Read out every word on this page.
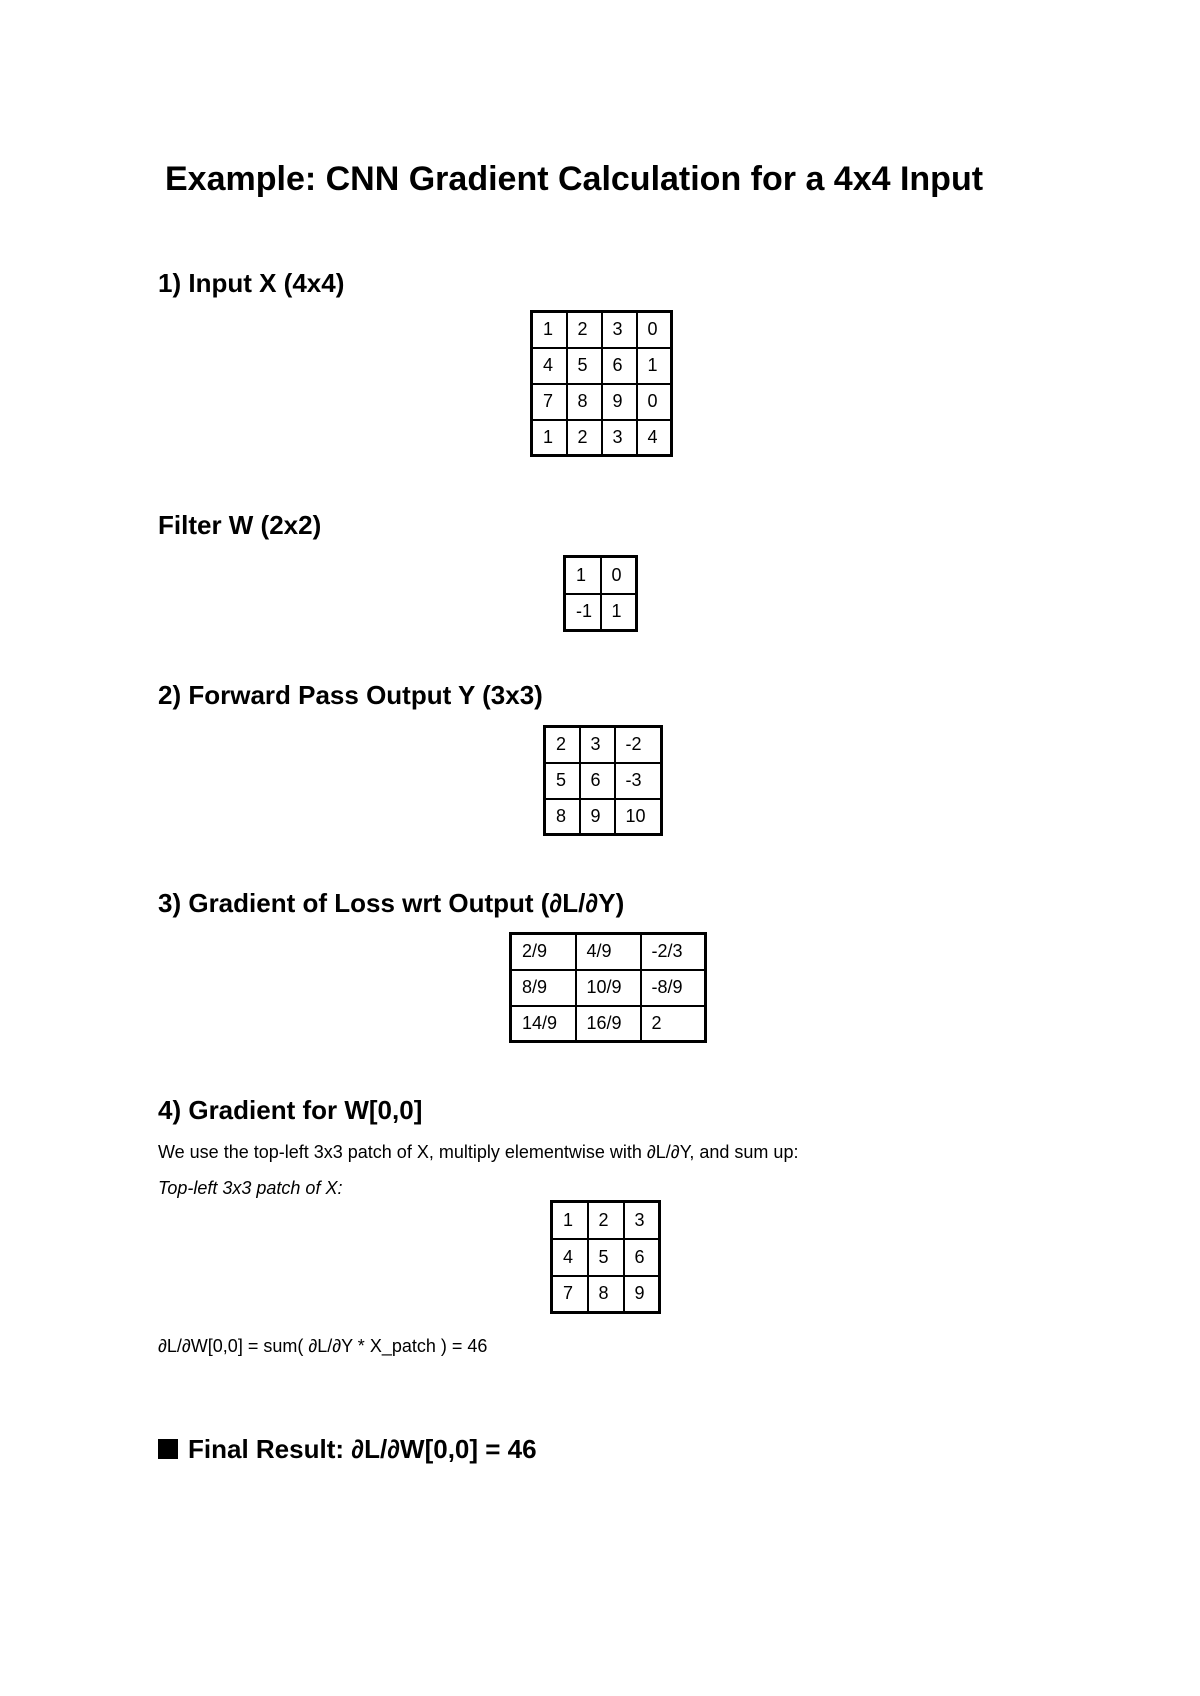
Example: CNN Gradient Calculation for a 4x4 Input
1) Input X (4x4)
1	2	3	0
4	5	6	1
7	8	9	0
1	2	3	4
Filter W (2x2)
1	0
-1	1
2) Forward Pass Output Y (3x3)
2	3	-2
5	6	-3
8	9	10
3) Gradient of Loss wrt Output (∂L/∂Y)
2/9	4/9	-2/3
8/9	10/9	-8/9
14/9	16/9	2
4) Gradient for W[0,0]

We use the top-left 3x3 patch of X, multiply elementwise with ∂L/∂Y, and sum up:

Top-left 3x3 patch of X:

1	2	3
4	5	6
7	8	9

∂L/∂W[0,0] = sum( ∂L/∂Y * X_patch ) = 46

Final Result: ∂L/∂W[0,0] = 46
